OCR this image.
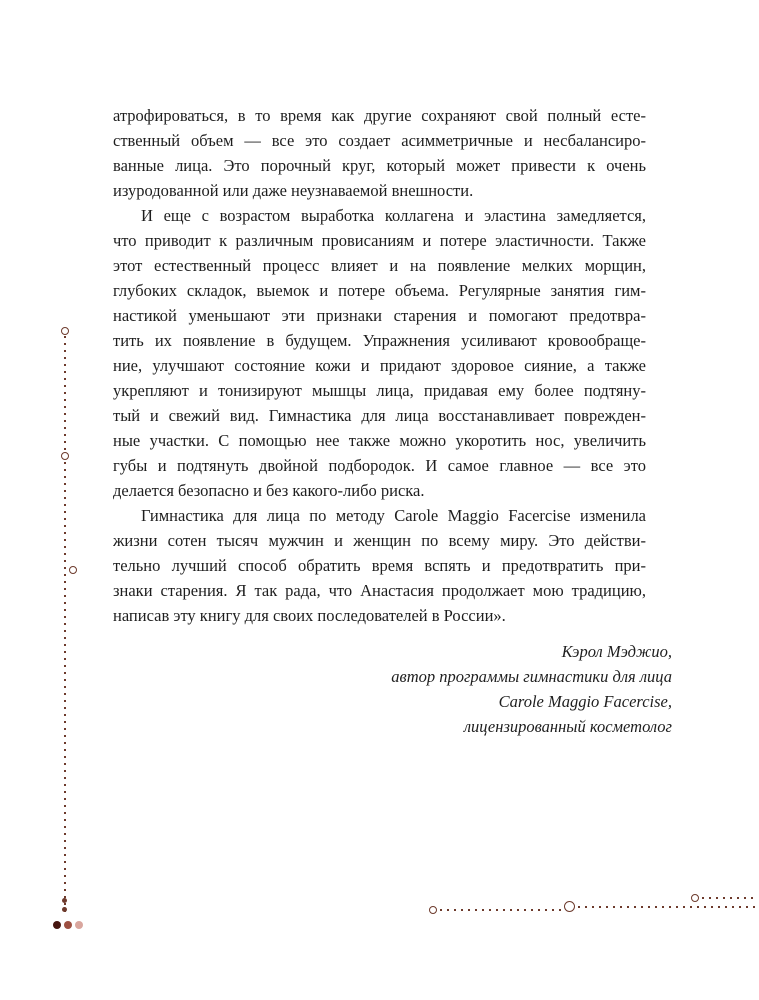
атрофироваться, в то время как другие сохраняют свой полный есте-
ственный объем — все это создает асимметричные и несбалансиро-
ванные лица. Это порочный круг, который может привести к очень
изуродованной или даже неузнаваемой внешности.
И еще с возрастом выработка коллагена и эластина замедляется,
что приводит к различным провисаниям и потере эластичности. Также
этот естественный процесс влияет и на появление мелких морщин,
глубоких складок, выемок и потере объема. Регулярные занятия гим-
настикой уменьшают эти признаки старения и помогают предотвра-
тить их появление в будущем. Упражнения усиливают кровообраще-
ние, улучшают состояние кожи и придают здоровое сияние, а также
укрепляют и тонизируют мышцы лица, придавая ему более подтяну-
тый и свежий вид. Гимнастика для лица восстанавливает поврежден-
ные участки. С помощью нее также можно укоротить нос, увеличить
губы и подтянуть двойной подбородок. И самое главное — все это
делается безопасно и без какого-либо риска.
Гимнастика для лица по методу Carole Maggio Facercise изменила
жизни сотен тысяч мужчин и женщин по всему миру. Это действи-
тельно лучший способ обратить время вспять и предотвратить при-
знаки старения. Я так рада, что Анастасия продолжает мою традицию,
написав эту книгу для своих последователей в России».
Кэрол Мэджио,
автор программы гимнастики для лица
Carole Maggio Facercise,
лицензированный косметолог
